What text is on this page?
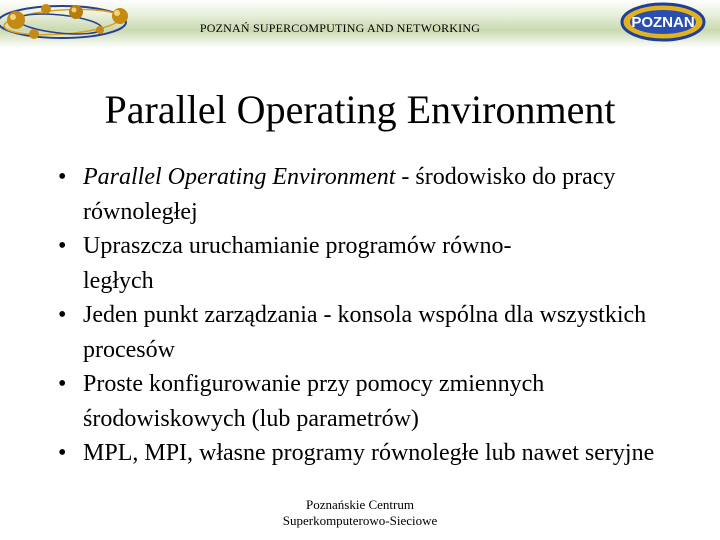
POZNAŃ SUPERCOMPUTING AND NETWORKING	POZNAN
Parallel Operating Environment
• Parallel Operating Environment - środowisko do pracy równoległej
• Upraszcza uruchamianie programów równo-
ległych
• Jeden punkt zarządzania - konsola wspólna dla wszystkich procesów
• Proste konfigurowanie przy pomocy zmiennych środowiskowych (lub parametrów)
• MPL, MPI, własne programy równoległe lub nawet seryjne
Poznańskie Centrum
Superkomputerowo-Sieciowe
